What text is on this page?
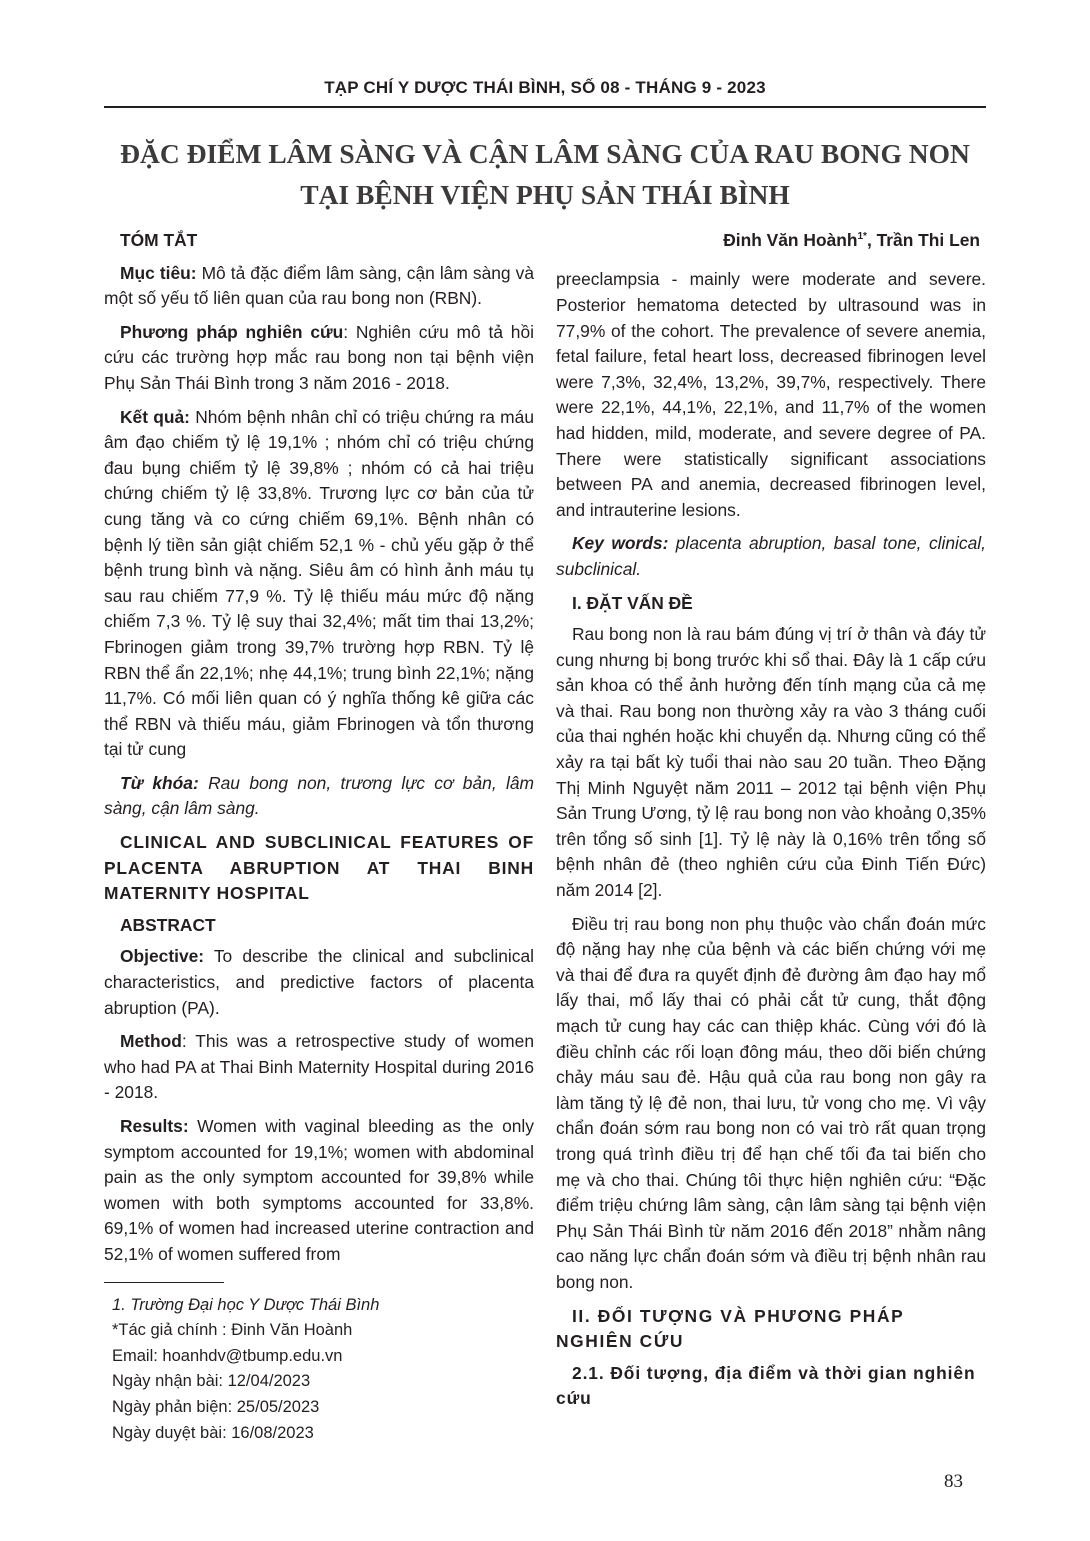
TẠP CHÍ Y DƯỢC THÁI BÌNH, SỐ 08 - THÁNG 9 - 2023
ĐẶC ĐIỂM LÂM SÀNG VÀ CẬN LÂM SÀNG CỦA RAU BONG NON
TẠI BỆNH VIỆN PHỤ SẢN THÁI BÌNH
TÓM TẮT

Mục tiêu: Mô tả đặc điểm lâm sàng, cận lâm sàng và một số yếu tố liên quan của rau bong non (RBN).

Phương pháp nghiên cứu: Nghiên cứu mô tả hồi cứu các trường hợp mắc rau bong non tại bệnh viện Phụ Sản Thái Bình trong 3 năm 2016 - 2018.

Kết quả: Nhóm bệnh nhân chỉ có triệu chứng ra máu âm đạo chiếm tỷ lệ 19,1% ; nhóm chỉ có triệu chứng đau bụng chiếm tỷ lệ 39,8% ; nhóm có cả hai triệu chứng chiếm tỷ lệ 33,8%. Trương lực cơ bản của tử cung tăng và co cứng chiếm 69,1%. Bệnh nhân có bệnh lý tiền sản giật chiếm 52,1 % - chủ yếu gặp ở thể bệnh trung bình và nặng. Siêu âm có hình ảnh máu tụ sau rau chiếm 77,9 %. Tỷ lệ thiếu máu mức độ nặng chiếm 7,3 %. Tỷ lệ suy thai 32,4%; mất tim thai 13,2%; Fbrinogen giảm trong 39,7% trường hợp RBN. Tỷ lệ RBN thể ẩn 22,1%; nhẹ 44,1%; trung bình 22,1%; nặng 11,7%. Có mối liên quan có ý nghĩa thống kê giữa các thể RBN và thiếu máu, giảm Fbrinogen và tổn thương tại tử cung

Từ khóa: Rau bong non, trương lực cơ bản, lâm sàng, cận lâm sàng.

CLINICAL AND SUBCLINICAL FEATURES OF PLACENTA ABRUPTION AT THAI BINH MATERNITY HOSPITAL
ABSTRACT

Objective: To describe the clinical and subclinical characteristics, and predictive factors of placenta abruption (PA).

Method: This was a retrospective study of women who had PA at Thai Binh Maternity Hospital during 2016 - 2018.

Results: Women with vaginal bleeding as the only symptom accounted for 19,1%; women with abdominal pain as the only symptom accounted for 39,8% while women with both symptoms accounted for 33,8%. 69,1% of women had increased uterine contraction and 52,1% of women suffered from

1. Trường Đại học Y Dược Thái Bình
*Tác giả chính : Đinh Văn Hoành
Email: hoanhdv@tbump.edu.vn
Ngày nhận bài: 12/04/2023
Ngày phản biện: 25/05/2023
Ngày duyệt bài: 16/08/2023
Đinh Văn Hoành$^{1*}$, Trần Thi Len

preeclampsia - mainly were moderate and severe. Posterior hematoma detected by ultrasound was in 77,9% of the cohort. The prevalence of severe anemia, fetal failure, fetal heart loss, decreased fibrinogen level were 7,3%, 32,4%, 13,2%, 39,7%, respectively. There were 22,1%, 44,1%, 22,1%, and 11,7% of the women had hidden, mild, moderate, and severe degree of PA. There were statistically significant associations between PA and anemia, decreased fibrinogen level, and intrauterine lesions.

Key words: placenta abruption, basal tone, clinical, subclinical.

I. ĐẶT VẤN ĐỀ

Rau bong non là rau bám đúng vị trí ở thân và đáy tử cung nhưng bị bong trước khi sổ thai. Đây là 1 cấp cứu sản khoa có thể ảnh hưởng đến tính mạng của cả mẹ và thai. Rau bong non thường xảy ra vào 3 tháng cuối của thai nghén hoặc khi chuyển dạ. Nhưng cũng có thể xảy ra tại bất kỳ tuổi thai nào sau 20 tuần. Theo Đặng Thị Minh Nguyệt năm 2011 – 2012 tại bệnh viện Phụ Sản Trung Ương, tỷ lệ rau bong non vào khoảng 0,35% trên tổng số sinh [1]. Tỷ lệ này là 0,16% trên tổng số bệnh nhân đẻ (theo nghiên cứu của Đinh Tiến Đức) năm 2014 [2].

Điều trị rau bong non phụ thuộc vào chẩn đoán mức độ nặng hay nhẹ của bệnh và các biến chứng với mẹ và thai để đưa ra quyết định đẻ đường âm đạo hay mổ lấy thai, mổ lấy thai có phải cắt tử cung, thắt động mạch tử cung hay các can thiệp khác. Cùng với đó là điều chỉnh các rối loạn đông máu, theo dõi biến chứng chảy máu sau đẻ. Hậu quả của rau bong non gây ra làm tăng tỷ lệ đẻ non, thai lưu, tử vong cho mẹ. Vì vậy chẩn đoán sớm rau bong non có vai trò rất quan trọng trong quá trình điều trị để hạn chế tối đa tai biến cho mẹ và cho thai. Chúng tôi thực hiện nghiên cứu: “Đặc điểm triệu chứng lâm sàng, cận lâm sàng tại bệnh viện Phụ Sản Thái Bình từ năm 2016 đến 2018” nhằm nâng cao năng lực chẩn đoán sớm và điều trị bệnh nhân rau bong non.

II. ĐỐI TƯỢNG VÀ PHƯƠNG PHÁP NGHIÊN CỨU
2.1. Đối tượng, địa điểm và thời gian nghiên cứu
83
